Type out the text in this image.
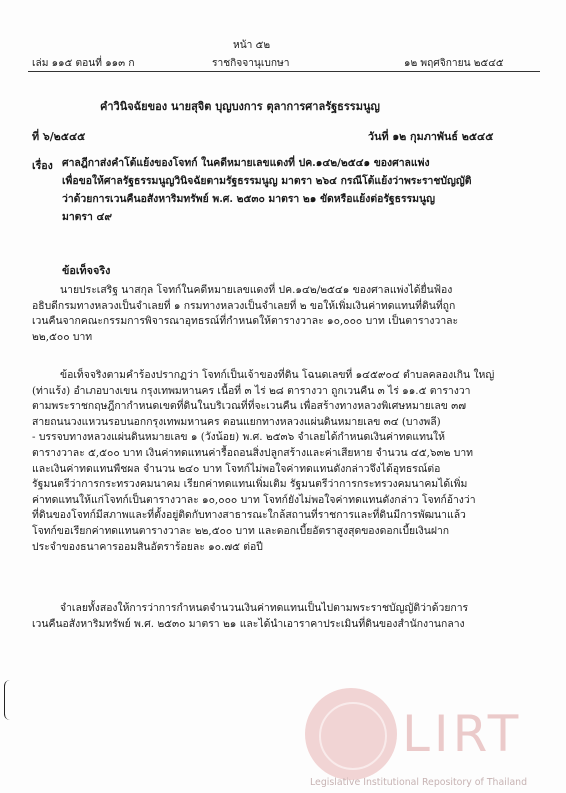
หน้า ๕๒
เล่ม ๑๑๕ ตอนที่ ๑๑๓ ก	ราชกิจจานุเบกษา	๑๒ พฤศจิกายน ๒๕๔๕
คำวินิจฉัยของ นายสุจิต บุญบงการ ตุลาการศาลรัฐธรรมนูญ
ที่ ๖/๒๕๔๕	วันที่ ๑๒ กุมภาพันธ์ ๒๕๔๕
เรื่อง ศาลฎีกาส่งคำโต้แย้งของโจทก์ ในคดีหมายเลขแดงที่ ปค.๑๔๒/๒๕๔๑ ของศาลแพ่ง
เพื่อขอให้ศาลรัฐธรรมนูญวินิจฉัยตามรัฐธรรมนูญ มาตรา ๒๖๔ กรณีโต้แย้งว่าพระราชบัญญัติ
ว่าด้วยการเวนคืนอสังหาริมทรัพย์ พ.ศ. ๒๕๓๐ มาตรา ๒๑ ขัดหรือแย้งต่อรัฐธรรมนูญ
มาตรา ๔๙
ข้อเท็จจริง
นายประเสริฐ นาสกุล โจทก์ในคดีหมายเลขแดงที่ ปค.๑๔๒/๒๕๔๑ ของศาลแพ่งได้ยื่นฟ้อง
อธิบดีกรมทางหลวงเป็นจำเลยที่ ๑ กรมทางหลวงเป็นจำเลยที่ ๒ ขอให้เพิ่มเงินค่าทดแทนที่ดินที่ถูก
เวนคืนจากคณะกรรมการพิจารณาอุทธรณ์ที่กำหนดให้ตารางวาละ ๑๐,๐๐๐ บาท เป็นตารางวาละ
๒๒,๕๐๐ บาท
ข้อเท็จจริงตามคำร้องปรากฏว่า โจทก์เป็นเจ้าของที่ดิน โฉนดเลขที่ ๑๔๕๙๐๔ ตำบลคลองเกิน ใหญ่
(ท่าแร้ง) อำเภอบางเขน กรุงเทพมหานคร เนื้อที่ ๓ ไร่ ๒๘ ตารางวา ถูกเวนคืน ๓ ไร่ ๑๑.๕ ตารางวา
ตามพระราชกฤษฎีกากำหนดเขตที่ดินในบริเวณที่ที่จะเวนคืน เพื่อสร้างทางหลวงพิเศษหมายเลข ๓๗
สายถนนวงแหวนรอบนอกกรุงเทพมหานคร ตอนแยกทางหลวงแผ่นดินหมายเลข ๓๔ (บางพลี)
- บรรจบทางหลวงแผ่นดินหมายเลข ๑ (วังน้อย) พ.ศ. ๒๕๓๖ จำเลยได้กำหนดเงินค่าทดแทนให้
ตารางวาละ ๕,๕๐๐ บาท เงินค่าทดแทนค่ารื้อถอนสิ่งปลูกสร้างและค่าเสียหาย จำนวน ๔๕,๖๓๒ บาท
และเงินค่าทดแทนพืชผล จำนวน ๒๔๐ บาท โจทก์ไม่พอใจค่าทดแทนดังกล่าวจึงได้อุทธรณ์ต่อ
รัฐมนตรีว่าการกระทรวงคมนาคม เรียกค่าทดแทนเพิ่มเติม รัฐมนตรีว่าการกระทรวงคมนาคมได้เพิ่ม
ค่าทดแทนให้แก่โจทก์เป็นตารางวาละ ๑๐,๐๐๐ บาท โจทก์ยังไม่พอใจค่าทดแทนดังกล่าว โจทก์อ้างว่า
ที่ดินของโจทก์มีสภาพและที่ตั้งอยู่ติดกับทางสาธารณะใกล้สถานที่ราชการและที่ดินมีการพัฒนาแล้ว
โจทก์ขอเรียกค่าทดแทนตารางวาละ ๒๒,๕๐๐ บาท และดอกเบี้ยอัตราสูงสุดของดอกเบี้ยเงินฝาก
ประจำของธนาคารออมสินอัตราร้อยละ ๑๐.๗๕ ต่อปี
จำเลยทั้งสองให้การว่าการกำหนดจำนวนเงินค่าทดแทนเป็นไปตามพระราชบัญญัติว่าด้วยการ
เวนคืนอสังหาริมทรัพย์ พ.ศ. ๒๕๓๐ มาตรา ๒๑ และได้นำเอาราคาประเมินที่ดินของสำนักงานกลาง
LIRT
Legislative Institutional Repository of Thailand
